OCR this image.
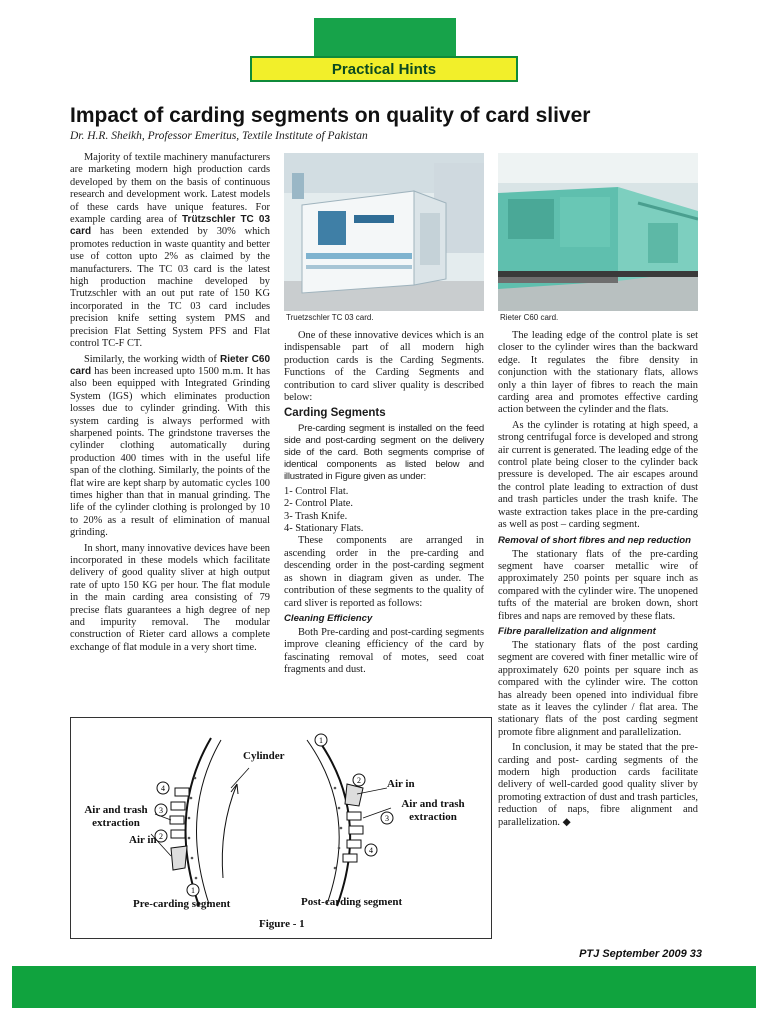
Practical Hints
Impact of carding segments on quality of card sliver
Dr. H.R. Sheikh, Professor Emeritus, Textile Institute of Pakistan

Majority of textile machinery manufacturers are marketing modern high production cards developed by them on the basis of continuous research and development work. Latest models of these cards have unique features. For example carding area of Trützschler TC 03 card has been extended by 30% which promotes reduction in waste quantity and better use of cotton upto 2% as claimed by the manufacturers. The TC 03 card is the latest high production machine developed by Trutzschler with an out put rate of 150 KG incorporated in the TC 03 card includes precision knife setting system PMS and precision Flat Setting System PFS and Flat control TC-F CT.

Similarly, the working width of Rieter C60 card has been increased upto 1500 m.m. It has also been equipped with Integrated Grinding System (IGS) which eliminates production losses due to cylinder grinding. With this system carding is always performed with sharpened points. The grindstone traverses the cylinder clothing automatically during production 400 times with in the useful life span of the clothing. Similarly, the points of the flat wire are kept sharp by automatic cycles 100 times higher than that in manual grinding. The life of the cylinder clothing is prolonged by 10 to 20% as a result of elimination of manual grinding.

In short, many innovative devices have been incorporated in these models which facilitate delivery of good quality sliver at high output rate of upto 150 KG per hour. The flat module in the main carding area consisting of 79 precise flats guarantees a high degree of nep and impurity removal. The modular construction of Rieter card allows a complete exchange of flat module in a very short time.

Truetzschler TC 03 card.	Rieter C60 card.

One of these innovative devices which is an indispensable part of all modern high production cards is the Carding Segments. Functions of the Carding Segments and contribution to card sliver quality is described below:

Carding Segments

Pre-carding segment is installed on the feed side and post-carding segment on the delivery side of the card. Both segments comprise of identical components as listed below and illustrated in Figure given as under:

1- Control Flat.
2- Control Plate.
3- Trash Knife.
4- Stationary Flats.

These components are arranged in ascending order in the pre-carding and descending order in the post-carding segment as shown in diagram given as under. The contribution of these segments to the quality of card sliver is reported as follows:

Cleaning Efficiency

Both Pre-carding and post-carding segments improve cleaning efficiency of the card by fascinating removal of motes, seed coat fragments and dust.

The leading edge of the control plate is set closer to the cylinder wires than the backward edge. It regulates the fibre density in conjunction with the stationary flats, allows only a thin layer of fibres to reach the main carding area and promotes effective carding action between the cylinder and the flats.

As the cylinder is rotating at high speed, a strong centrifugal force is developed and strong air current is generated. The leading edge of the control plate being closer to the cylinder back pressure is developed. The air escapes around the control plate leading to extraction of dust and trash particles under the trash knife. The waste extraction takes place in the pre-carding as well as post – carding segment.

Removal of short fibres and nep reduction

The stationary flats of the pre-carding segment have coarser metallic wire of approximately 250 points per square inch as compared with the cylinder wire. The unopened tufts of the material are broken down, short fibres and naps are removed by these flats.

Fibre parallelization and alignment

The stationary flats of the post carding segment are covered with finer metallic wire of approximately 620 points per square inch as compared with the cylinder wire. The cotton has already been opened into individual fibre state as it leaves the cylinder / flat area. The stationary flats of the post carding segment promote fibre alignment and parallelization.

In conclusion, it may be stated that the pre-carding and post- carding segments of the modern high production cards facilitate delivery of well-carded good quality sliver by promoting extraction of dust and trash particles, reduction of naps, fibre alignment and parallelization. ◆

4
3
2
1
1
2
3
4
Cylinder
Air and trash extraction
Air in
Air in
Air and trash extraction
Pre-carding segment	Post-carding segment
Figure - 1
PTJ September 2009 33
